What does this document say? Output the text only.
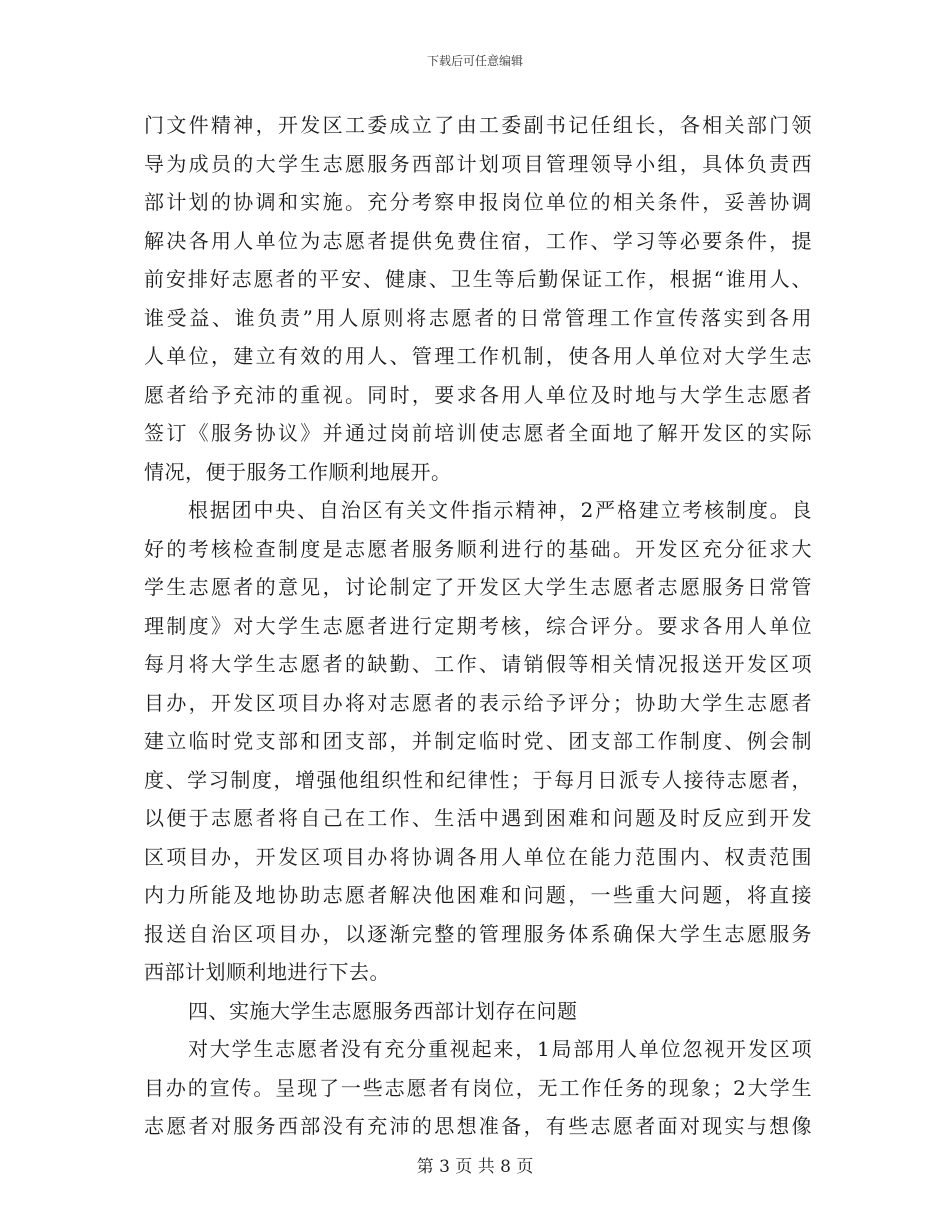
下载后可任意编辑
门文件精神，开发区工委成立了由工委副书记任组长，各相关部门领
导为成员的大学生志愿服务西部计划项目管理领导小组，具体负责西
部计划的协调和实施。充分考察申报岗位单位的相关条件，妥善协调
解决各用人单位为志愿者提供免费住宿，工作、学习等必要条件，提
前安排好志愿者的平安、健康、卫生等后勤保证工作，根据“谁用人、
谁受益、谁负责”用人原则将志愿者的日常管理工作宣传落实到各用
人单位，建立有效的用人、管理工作机制，使各用人单位对大学生志
愿者给予充沛的重视。同时，要求各用人单位及时地与大学生志愿者
签订《服务协议》并通过岗前培训使志愿者全面地了解开发区的实际
情况，便于服务工作顺利地展开。
根据团中央、自治区有关文件指示精神，2严格建立考核制度。良
好的考核检查制度是志愿者服务顺利进行的基础。开发区充分征求大
学生志愿者的意见，讨论制定了开发区大学生志愿者志愿服务日常管
理制度》对大学生志愿者进行定期考核，综合评分。要求各用人单位
每月将大学生志愿者的缺勤、工作、请销假等相关情况报送开发区项
目办，开发区项目办将对志愿者的表示给予评分；协助大学生志愿者
建立临时党支部和团支部，并制定临时党、团支部工作制度、例会制
度、学习制度，增强他组织性和纪律性；于每月日派专人接待志愿者，
以便于志愿者将自己在工作、生活中遇到困难和问题及时反应到开发
区项目办，开发区项目办将协调各用人单位在能力范围内、权责范围
内力所能及地协助志愿者解决他困难和问题，一些重大问题，将直接
报送自治区项目办，以逐渐完整的管理服务体系确保大学生志愿服务
西部计划顺利地进行下去。
四、实施大学生志愿服务西部计划存在问题
对大学生志愿者没有充分重视起来，1局部用人单位忽视开发区项
目办的宣传。呈现了一些志愿者有岗位，无工作任务的现象；2大学生
志愿者对服务西部没有充沛的思想准备，有些志愿者面对现实与想像
第 3 页 共 8 页
